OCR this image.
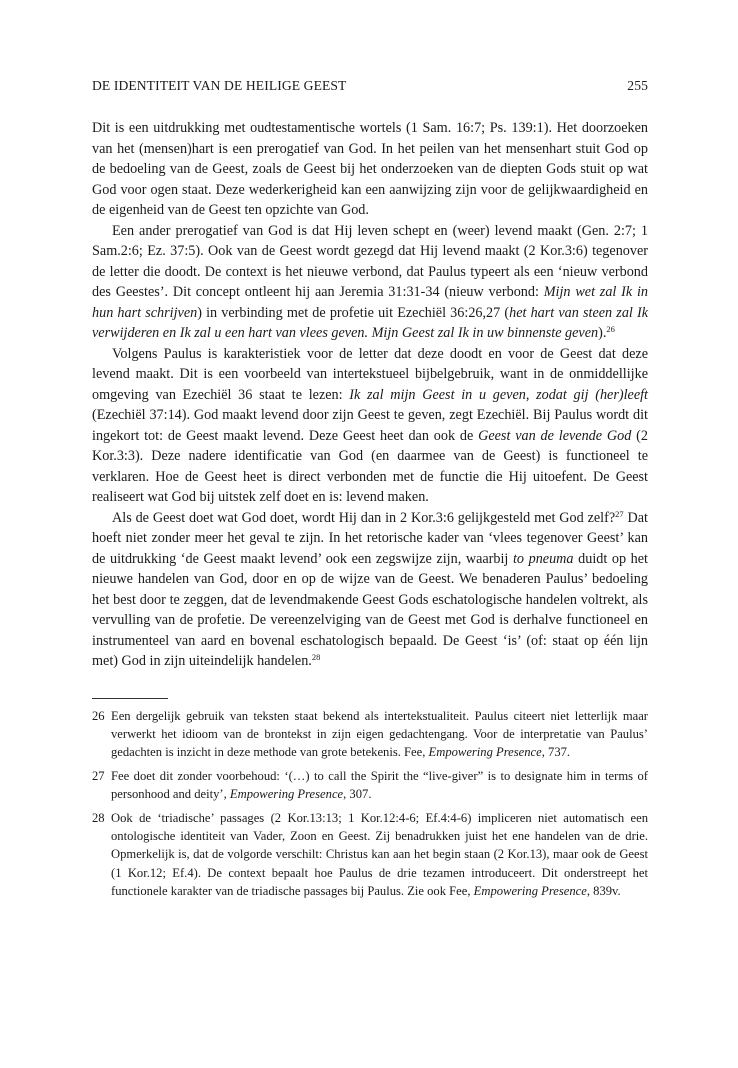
DE IDENTITEIT VAN DE HEILIGE GEEST	255

Dit is een uitdrukking met oudtestamentische wortels (1 Sam. 16:7; Ps. 139:1). Het doorzoeken van het (mensen)hart is een prerogatief van God. In het peilen van het mensenhart stuit God op de bedoeling van de Geest, zoals de Geest bij het onderzoeken van de diepten Gods stuit op wat God voor ogen staat. Deze wederkerigheid kan een aanwijzing zijn voor de gelijkwaardigheid en de eigenheid van de Geest ten opzichte van God.

Een ander prerogatief van God is dat Hij leven schept en (weer) levend maakt (Gen. 2:7; 1 Sam.2:6; Ez. 37:5). Ook van de Geest wordt gezegd dat Hij levend maakt (2 Kor.3:6) tegenover de letter die doodt. De context is het nieuwe verbond, dat Paulus typeert als een ‘nieuw verbond des Geestes’. Dit concept ontleent hij aan Jeremia 31:31-34 (nieuw verbond: Mijn wet zal Ik in hun hart schrijven) in verbinding met de profetie uit Ezechiël 36:26,27 (het hart van steen zal Ik verwijderen en Ik zal u een hart van vlees geven. Mijn Geest zal Ik in uw binnenste geven).$^{26}$

Volgens Paulus is karakteristiek voor de letter dat deze doodt en voor de Geest dat deze levend maakt. Dit is een voorbeeld van intertekstueel bijbelgebruik, want in de onmiddellijke omgeving van Ezechiël 36 staat te lezen: Ik zal mijn Geest in u geven, zodat gij (her)leeft (Ezechiël 37:14). God maakt levend door zijn Geest te geven, zegt Ezechiël. Bij Paulus wordt dit ingekort tot: de Geest maakt levend. Deze Geest heet dan ook de Geest van de levende God (2 Kor.3:3). Deze nadere identificatie van God (en daarmee van de Geest) is functioneel te verklaren. Hoe de Geest heet is direct verbonden met de functie die Hij uitoefent. De Geest realiseert wat God bij uitstek zelf doet en is: levend maken.

Als de Geest doet wat God doet, wordt Hij dan in 2 Kor.3:6 gelijkgesteld met God zelf?$^{27}$ Dat hoeft niet zonder meer het geval te zijn. In het retorische kader van ‘vlees tegenover Geest’ kan de uitdrukking ‘de Geest maakt levend’ ook een zegswijze zijn, waarbij to pneuma duidt op het nieuwe handelen van God, door en op de wijze van de Geest. We benaderen Paulus’ bedoeling het best door te zeggen, dat de levendmakende Geest Gods eschatologische handelen voltrekt, als vervulling van de profetie. De vereenzelviging van de Geest met God is derhalve functioneel en instrumenteel van aard en bovenal eschatologisch bepaald. De Geest ‘is’ (of: staat op één lijn met) God in zijn uiteindelijk handelen.$^{28}$

26 Een dergelijk gebruik van teksten staat bekend als intertekstualiteit. Paulus citeert niet letterlijk maar verwerkt het idioom van de brontekst in zijn eigen gedachtengang. Voor de interpretatie van Paulus’ gedachten is inzicht in deze methode van grote betekenis. Fee, Empowering Presence, 737.
27 Fee doet dit zonder voorbehoud: ‘(…) to call the Spirit the “live-giver” is to designate him in terms of personhood and deity’, Empowering Presence, 307.
28 Ook de ‘triadische’ passages (2 Kor.13:13; 1 Kor.12:4-6; Ef.4:4-6) impliceren niet automatisch een ontologische identiteit van Vader, Zoon en Geest. Zij benadrukken juist het ene handelen van de drie. Opmerkelijk is, dat de volgorde verschilt: Christus kan aan het begin staan (2 Kor.13), maar ook de Geest (1 Kor.12; Ef.4). De context bepaalt hoe Paulus de drie tezamen introduceert. Dit onderstreept het functionele karakter van de triadische passages bij Paulus. Zie ook Fee, Empowering Presence, 839v.
